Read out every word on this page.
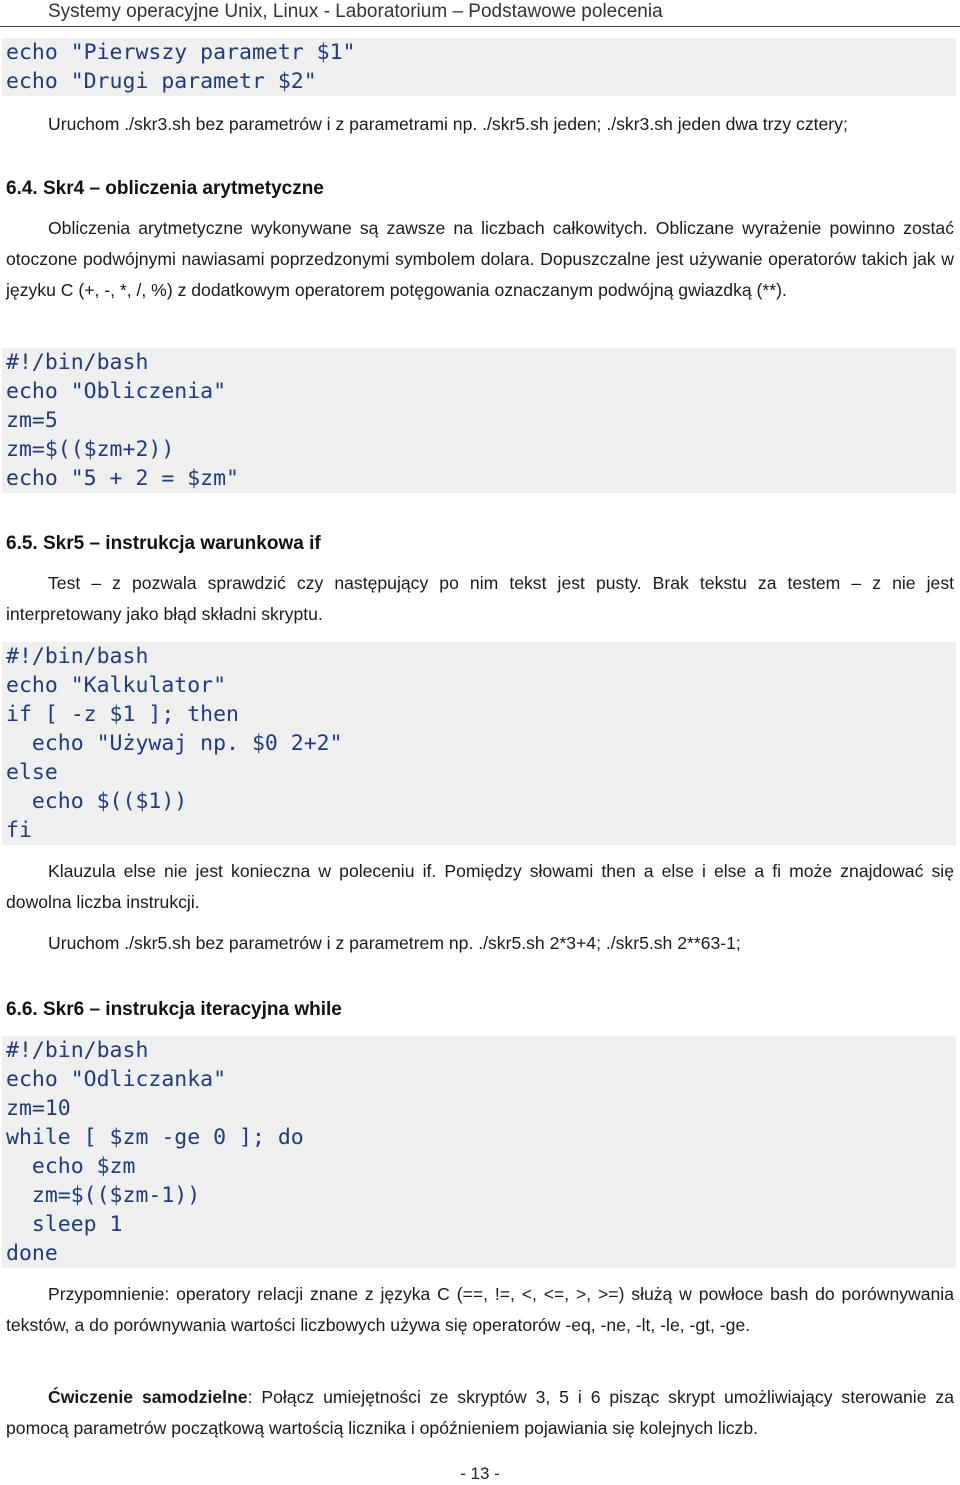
Systemy operacyjne Unix, Linux - Laboratorium – Podstawowe polecenia
echo "Pierwszy parametr $1"
echo "Drugi parametr $2"

Uruchom ./skr3.sh bez parametrów i z parametrami np. ./skr5.sh jeden; ./skr3.sh jeden dwa trzy cztery;

6.4. Skr4 – obliczenia arytmetyczne

Obliczenia arytmetyczne wykonywane są zawsze na liczbach całkowitych. Obliczane wyrażenie powinno zostać otoczone podwójnymi nawiasami poprzedzonymi symbolem dolara. Dopuszczalne jest używanie operatorów takich jak w języku C (+, -, *, /, %) z dodatkowym operatorem potęgowania oznaczanym podwójną gwiazdką (**).

#!/bin/bash
echo "Obliczenia"
zm=5
zm=$(($zm+2))
echo "5 + 2 = $zm"

6.5. Skr5 – instrukcja warunkowa if

Test – z pozwala sprawdzić czy następujący po nim tekst jest pusty. Brak tekstu za testem – z nie jest interpretowany jako błąd składni skryptu.

#!/bin/bash
echo "Kalkulator"
if [ -z $1 ]; then
echo "Używaj np. $0 2+2"
else
echo $(($1))
fi

Klauzula else nie jest konieczna w poleceniu if. Pomiędzy słowami then a else i else a fi może znajdować się dowolna liczba instrukcji.

Uruchom ./skr5.sh bez parametrów i z parametrem np. ./skr5.sh 2*3+4; ./skr5.sh 2**63-1;

6.6. Skr6 – instrukcja iteracyjna while

#!/bin/bash
echo "Odliczanka"
zm=10
while [ $zm -ge 0 ]; do
echo $zm
zm=$(($zm-1))
sleep 1
done

Przypomnienie: operatory relacji znane z języka C (==, !=, <, <=, >, >=) służą w powłoce bash do porównywania tekstów, a do porównywania wartości liczbowych używa się operatorów -eq, -ne, -lt, -le, -gt, -ge.

Ćwiczenie samodzielne: Połącz umiejętności ze skryptów 3, 5 i 6 pisząc skrypt umożliwiający sterowanie za pomocą parametrów początkową wartością licznika i opóźnieniem pojawiania się kolejnych liczb.

- 13 -
